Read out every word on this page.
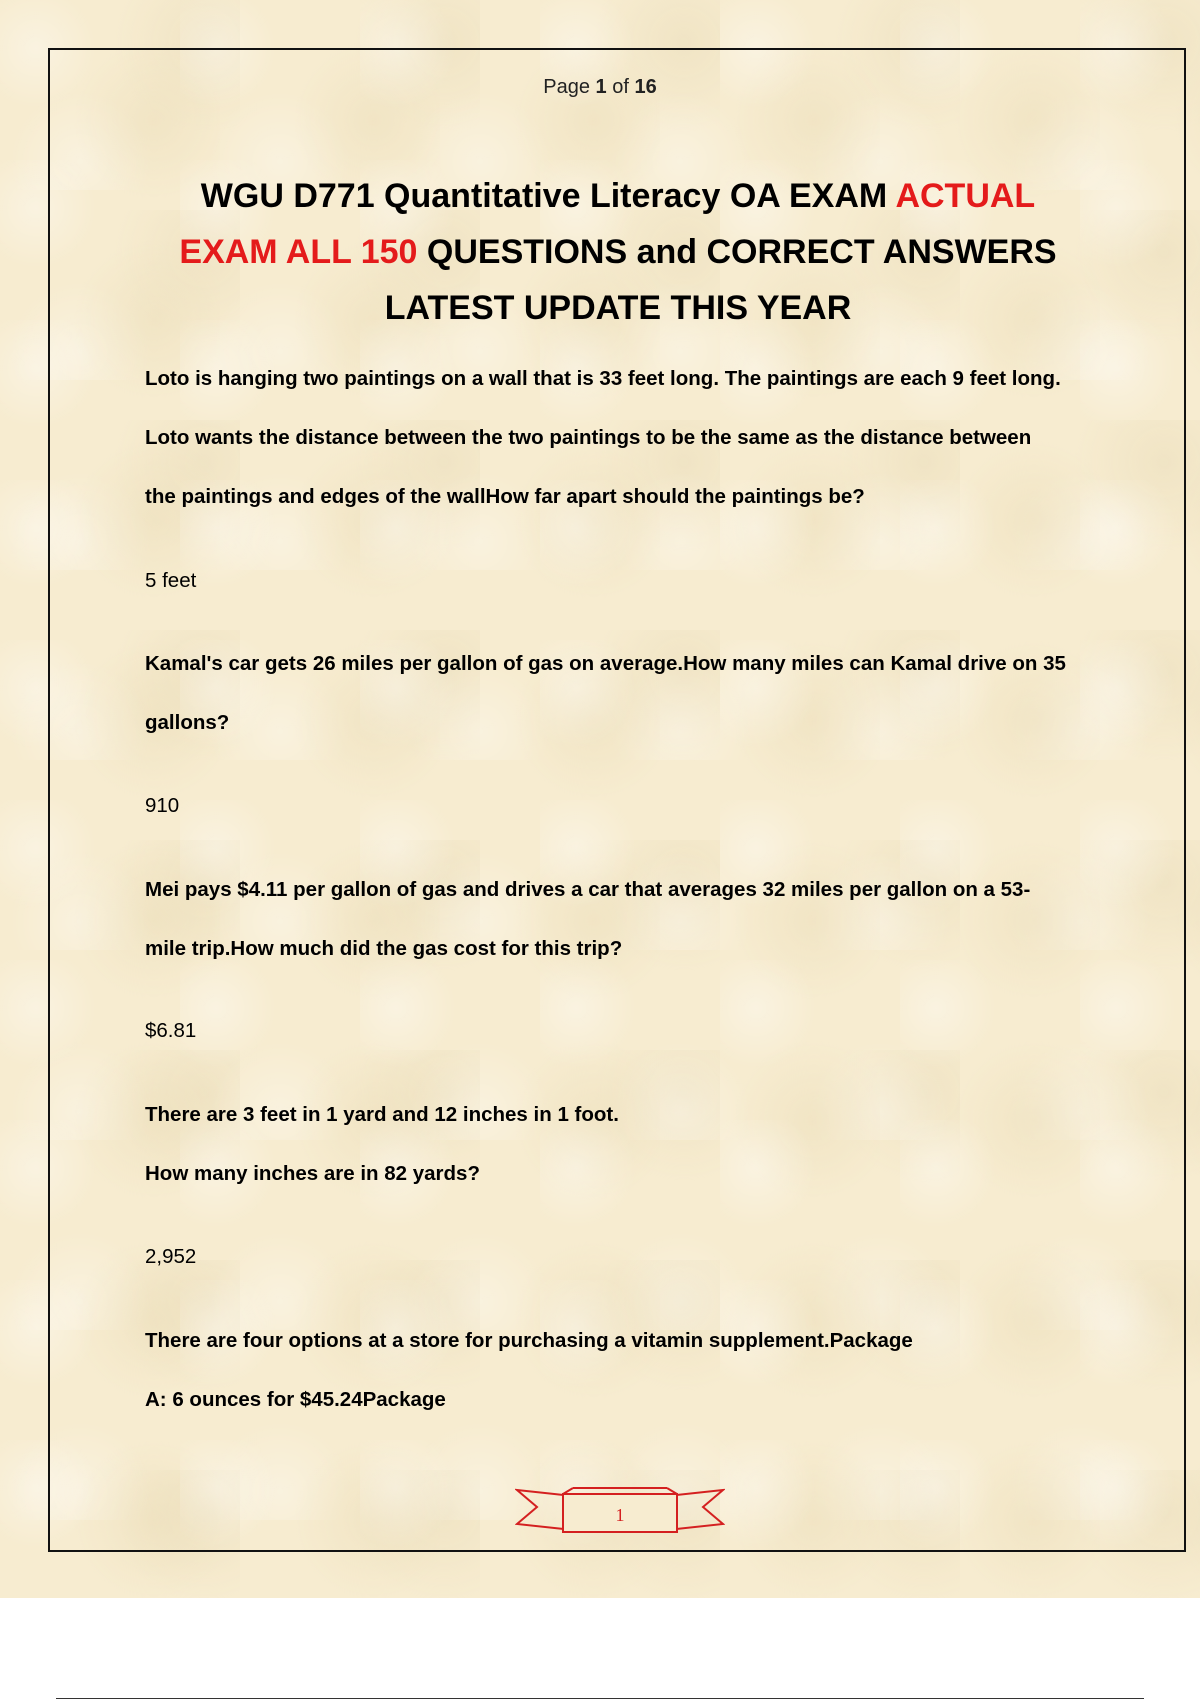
Page 1 of 16
WGU D771 Quantitative Literacy OA EXAM ACTUAL
EXAM ALL 150 QUESTIONS and CORRECT ANSWERS
LATEST UPDATE THIS YEAR
Loto is hanging two paintings on a wall that is 33 feet long. The paintings are each 9 feet long.
Loto wants the distance between the two paintings to be the same as the distance between
the paintings and edges of the wallHow far apart should the paintings be?
5 feet
Kamal's car gets 26 miles per gallon of gas on average.How many miles can Kamal drive on 35
gallons?
910
Mei pays $4.11 per gallon of gas and drives a car that averages 32 miles per gallon on a 53-
mile trip.How much did the gas cost for this trip?
$6.81
There are 3 feet in 1 yard and 12 inches in 1 foot.
How many inches are in 82 yards?
2,952
There are four options at a store for purchasing a vitamin supplement.Package
A: 6 ounces for $45.24Package
1
